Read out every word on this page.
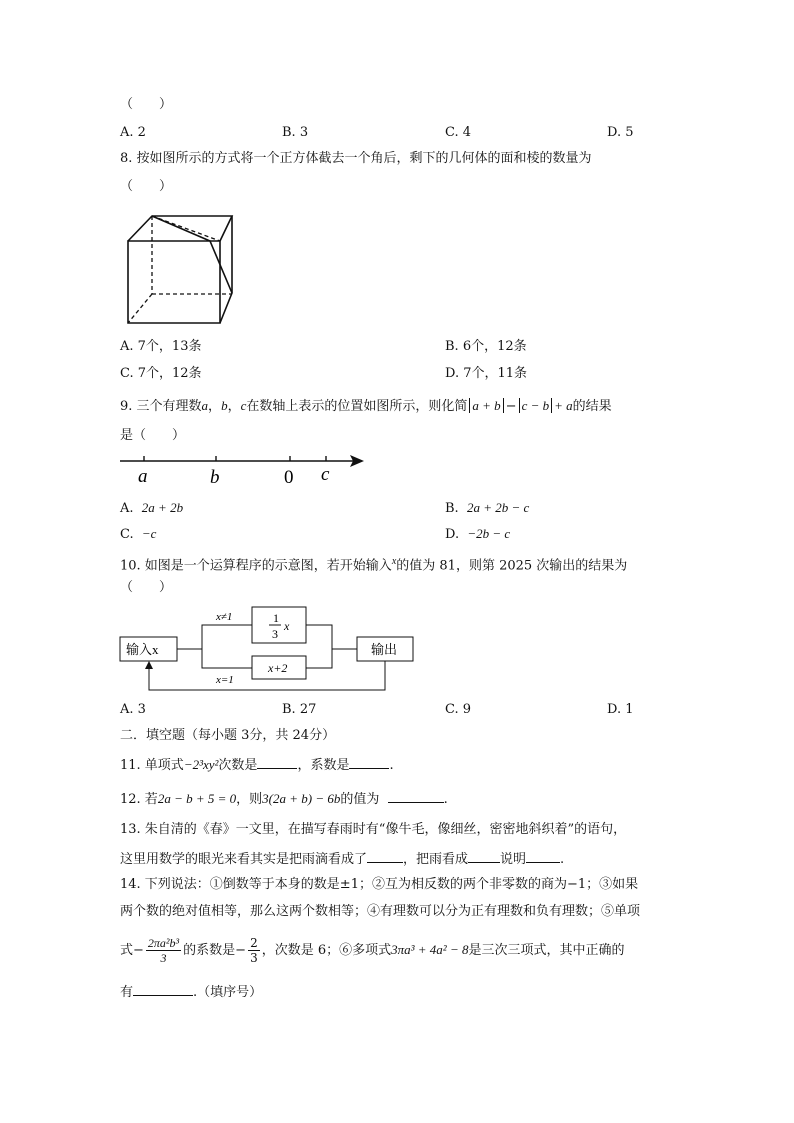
（　　）
A. 2	B. 3	C. 4	D. 5
8. 按如图所示的方式将一个正方体截去一个角后，剩下的几何体的面和棱的数量为
（　　）
A. 7个，13条	B. 6个，12条
C. 7个，12条	D. 7个，11条
9. 三个有理数a，b，c在数轴上表示的位置如图所示，则化简 a + b − c − b + a的结果
是（　　）
a	b	0 c
A. 2a + 2b	B. 2a + 2b − c
C. −c	D. −2b − c
10. 如图是一个运算程序的示意图，若开始输入$^x$的值为 81，则第 2025 次输出的结果为
（　　）
输入x	输出
x≠1
x=1
1
3
x
x+2
A. 3	B. 27	C. 9	D. 1
二．填空题（每小题 3分，共 24分）
11. 单项式−2³xy²次数是	，系数是	.
12. 若2a − b + 5 = 0，则3(2a + b) − 6b的值为	.
13. 朱自清的《春》一文里，在描写春雨时有“像牛毛，像细丝，密密地斜织着”的语句，
这里用数学的眼光来看其实是把雨滴看成了	，把雨看成 说明	.
14. 下列说法：①倒数等于本身的数是±1；②互为相反数的两个非零数的商为−1；③如果
两个数的绝对值相等，那么这两个数相等；④有理数可以分为正有理数和负有理数；⑤单项
式− $\frac{\text{2πa²b³}}{3}$ 的系数是− $\frac{2}{3}$ ，次数是 6；⑥多项式3πa³ + 4a² − 8是三次三项式，其中正确的
有	.（填序号）
